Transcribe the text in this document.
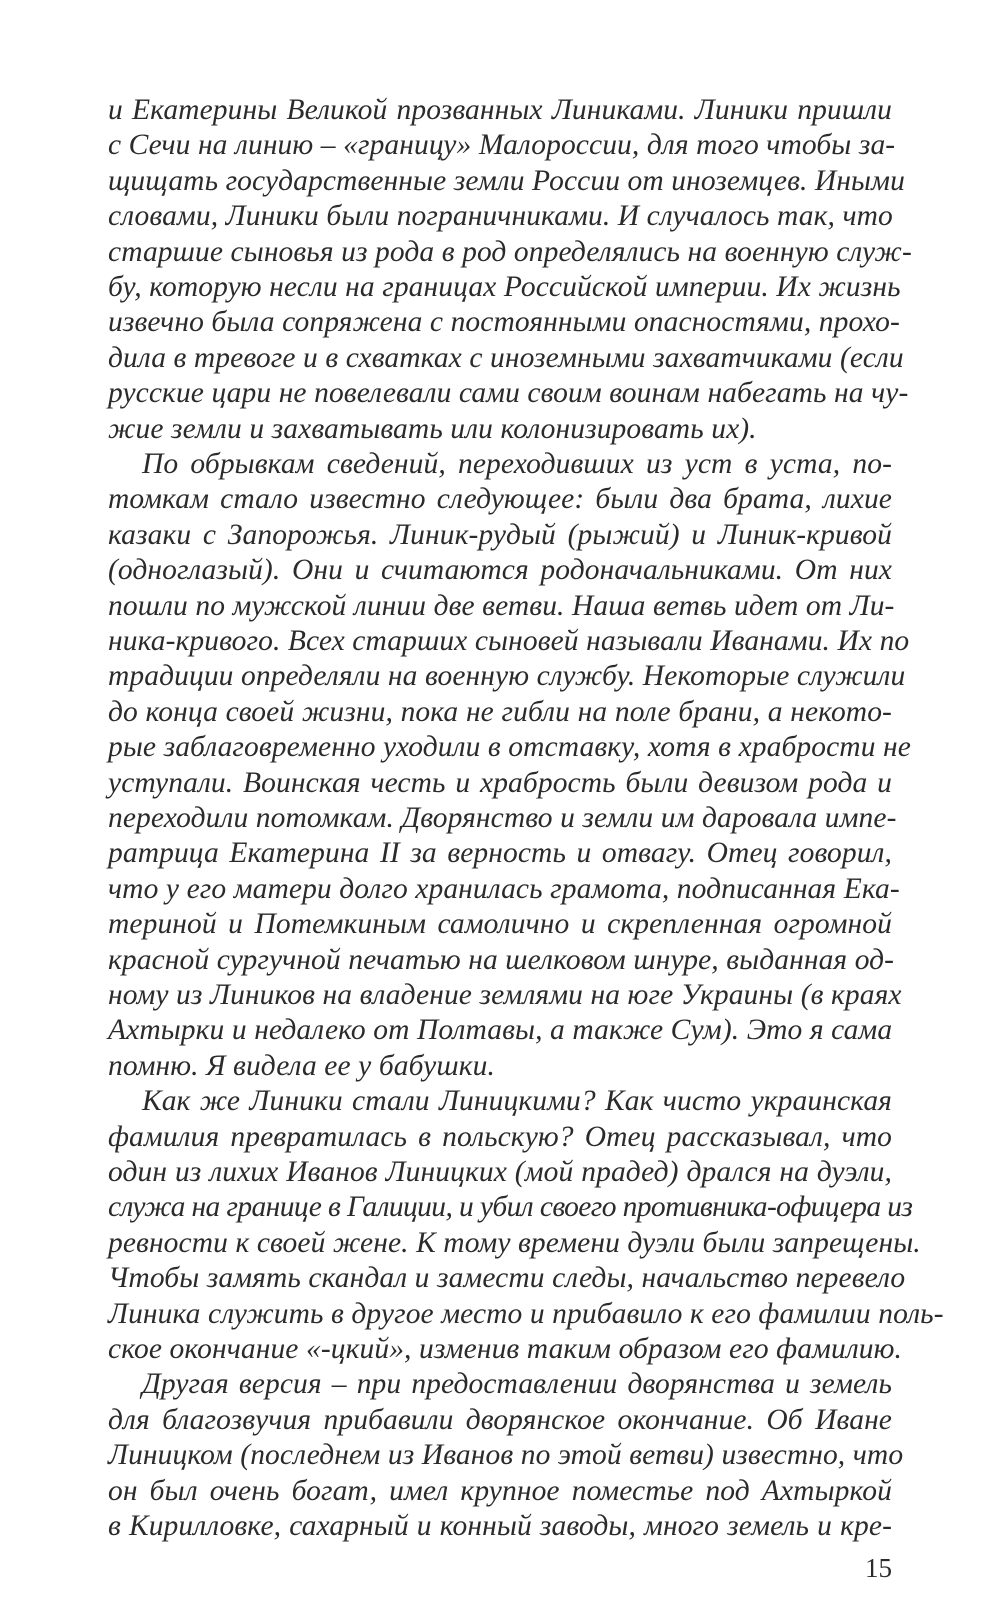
и Екатерины Великой прозванных Линиками. Линики пришли
с Сечи на линию – «границу» Малороссии, для того чтобы за-
щищать государственные земли России от иноземцев. Иными
словами, Линики были пограничниками. И случалось так, что
старшие сыновья из рода в род определялись на военную служ-
бу, которую несли на границах Российской империи. Их жизнь
извечно была сопряжена с постоянными опасностями, прохо-
дила в тревоге и в схватках с иноземными захватчиками (если
русские цари не повелевали сами своим воинам набегать на чу-
жие земли и захватывать или колонизировать их).
По обрывкам сведений, переходивших из уст в уста, по-
томкам стало известно следующее: были два брата, лихие
казаки с Запорожья. Линик-рудый (рыжий) и Линик-кривой
(одноглазый). Они и считаются родоначальниками. От них
пошли по мужской линии две ветви. Наша ветвь идет от Ли-
ника-кривого. Всех старших сыновей называли Иванами. Их по
традиции определяли на военную службу. Некоторые служили
до конца своей жизни, пока не гибли на поле брани, а некото-
рые заблаговременно уходили в отставку, хотя в храбрости не
уступали. Воинская честь и храбрость были девизом рода и
переходили потомкам. Дворянство и земли им даровала импе-
ратрица Екатерина II за верность и отвагу. Отец говорил,
что у его матери долго хранилась грамота, подписанная Ека-
териной и Потемкиным самолично и скрепленная огромной
красной сургучной печатью на шелковом шнуре, выданная од-
ному из Лиников на владение землями на юге Украины (в краях
Ахтырки и недалеко от Полтавы, а также Сум). Это я сама
помню. Я видела ее у бабушки.
Как же Линики стали Линицкими? Как чисто украинская
фамилия превратилась в польскую? Отец рассказывал, что
один из лихих Иванов Линицких (мой прадед) дрался на дуэли,
служа на границе в Галиции, и убил своего противника-офицера из
ревности к своей жене. К тому времени дуэли были запрещены.
Чтобы замять скандал и замести следы, начальство перевело
Линика служить в другое место и прибавило к его фамилии поль-
ское окончание «-цкий», изменив таким образом его фамилию.
Другая версия – при предоставлении дворянства и земель
для благозвучия прибавили дворянское окончание. Об Иване
Линицком (последнем из Иванов по этой ветви) известно, что
он был очень богат, имел крупное поместье под Ахтыркой
в Кирилловке, сахарный и конный заводы, много земель и кре-
15
